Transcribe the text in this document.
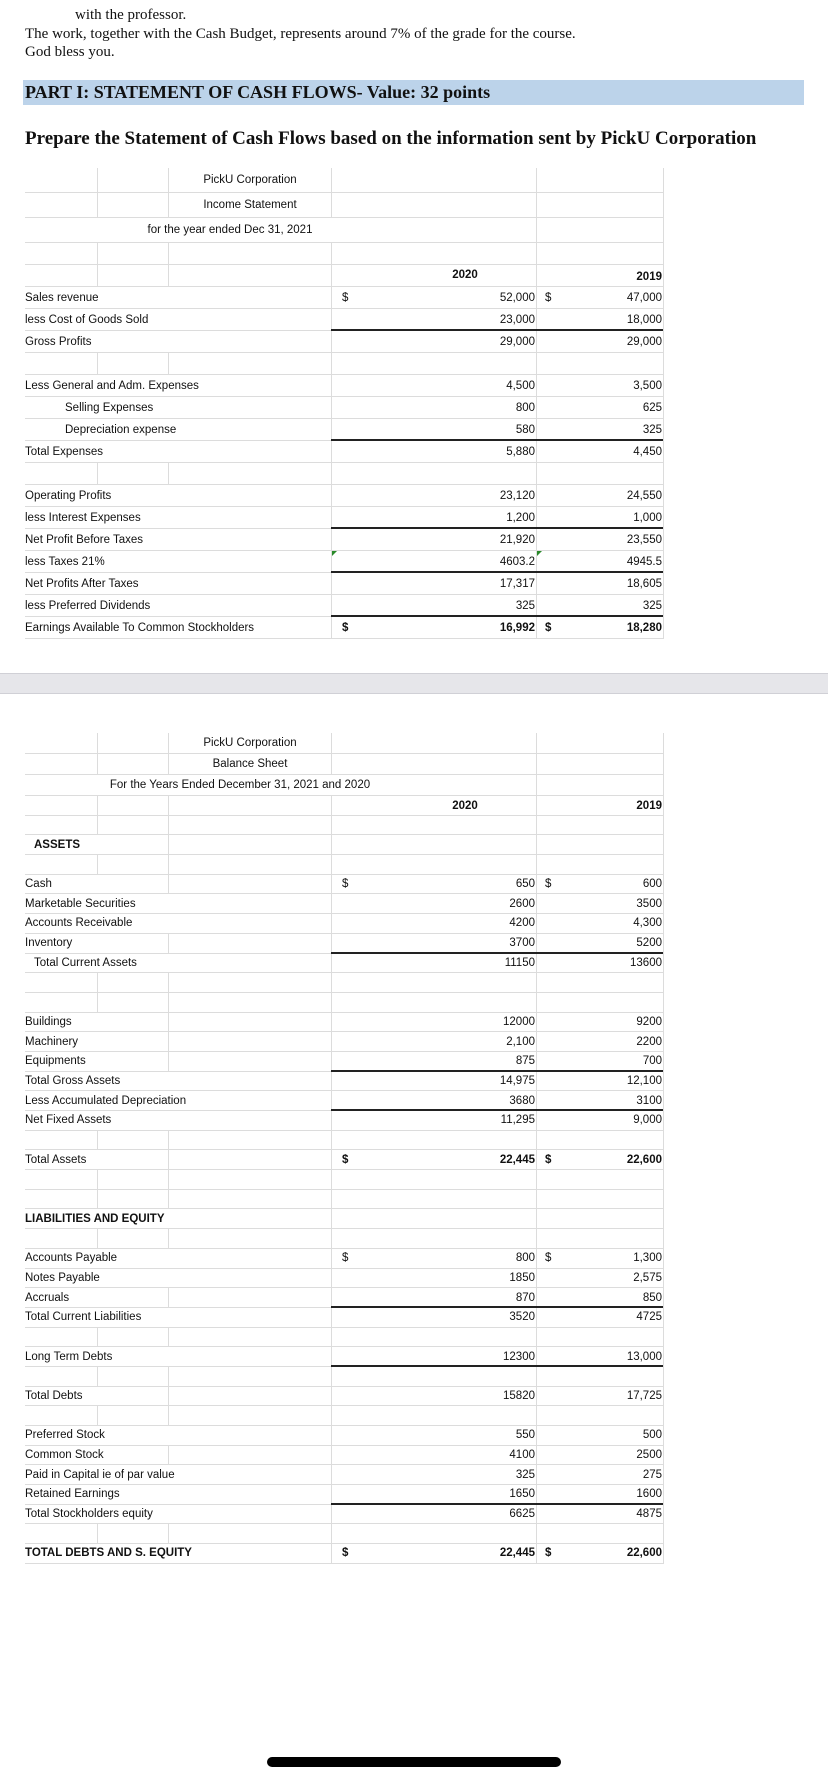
with the professor.
The work, together with the Cash Budget, represents around 7% of the grade for the course.
God bless you.
PART I: STATEMENT OF CASH FLOWS- Value: 32 points
Prepare the Statement of Cash Flows based on the information sent by PickU Corporation
PickU Corporation
Income Statement
for the year ended Dec 31, 2021
2020	2019
Sales revenue	$	52,000 $	47,000
less Cost of Goods Sold	23,000	18,000
Gross Profits	29,000	29,000
Less General and Adm. Expenses	4,500	3,500
Selling Expenses	800	625
Depreciation expense	580	325
Total Expenses	5,880	4,450
Operating Profits	23,120	24,550
less Interest Expenses	1,200	1,000
Net Profit Before Taxes	21,920	23,550
less Taxes 21%	4603.2	4945.5
Net Profits After Taxes	17,317	18,605
less Preferred Dividends	325	325
Earnings Available To Common Stockholders	$	16,992 $	18,280
PickU Corporation
Balance Sheet
For the Years Ended December 31, 2021 and 2020
2020	2019
ASSETS
Cash	$	650 $	600
Marketable Securities	2600	3500
Accounts Receivable	4200	4,300
Inventory	3700	5200
Total Current Assets	11150	13600
Buildings	12000	9200
Machinery	2,100	2200
Equipments	875	700
Total Gross Assets	14,975	12,100
Less Accumulated Depreciation	3680	3100
Net Fixed Assets	11,295	9,000
Total Assets	$	22,445 $	22,600
LIABILITIES AND EQUITY
Accounts Payable	$	800 $	1,300
Notes Payable	1850	2,575
Accruals	870	850
Total Current Liabilities	3520	4725
Long Term Debts	12300	13,000
Total Debts	15820	17,725
Preferred Stock	550	500
Common Stock	4100	2500
Paid in Capital ie of par value	325	275
Retained Earnings	1650	1600
Total Stockholders equity	6625	4875
TOTAL DEBTS AND S. EQUITY	$	22,445 $	22,600
